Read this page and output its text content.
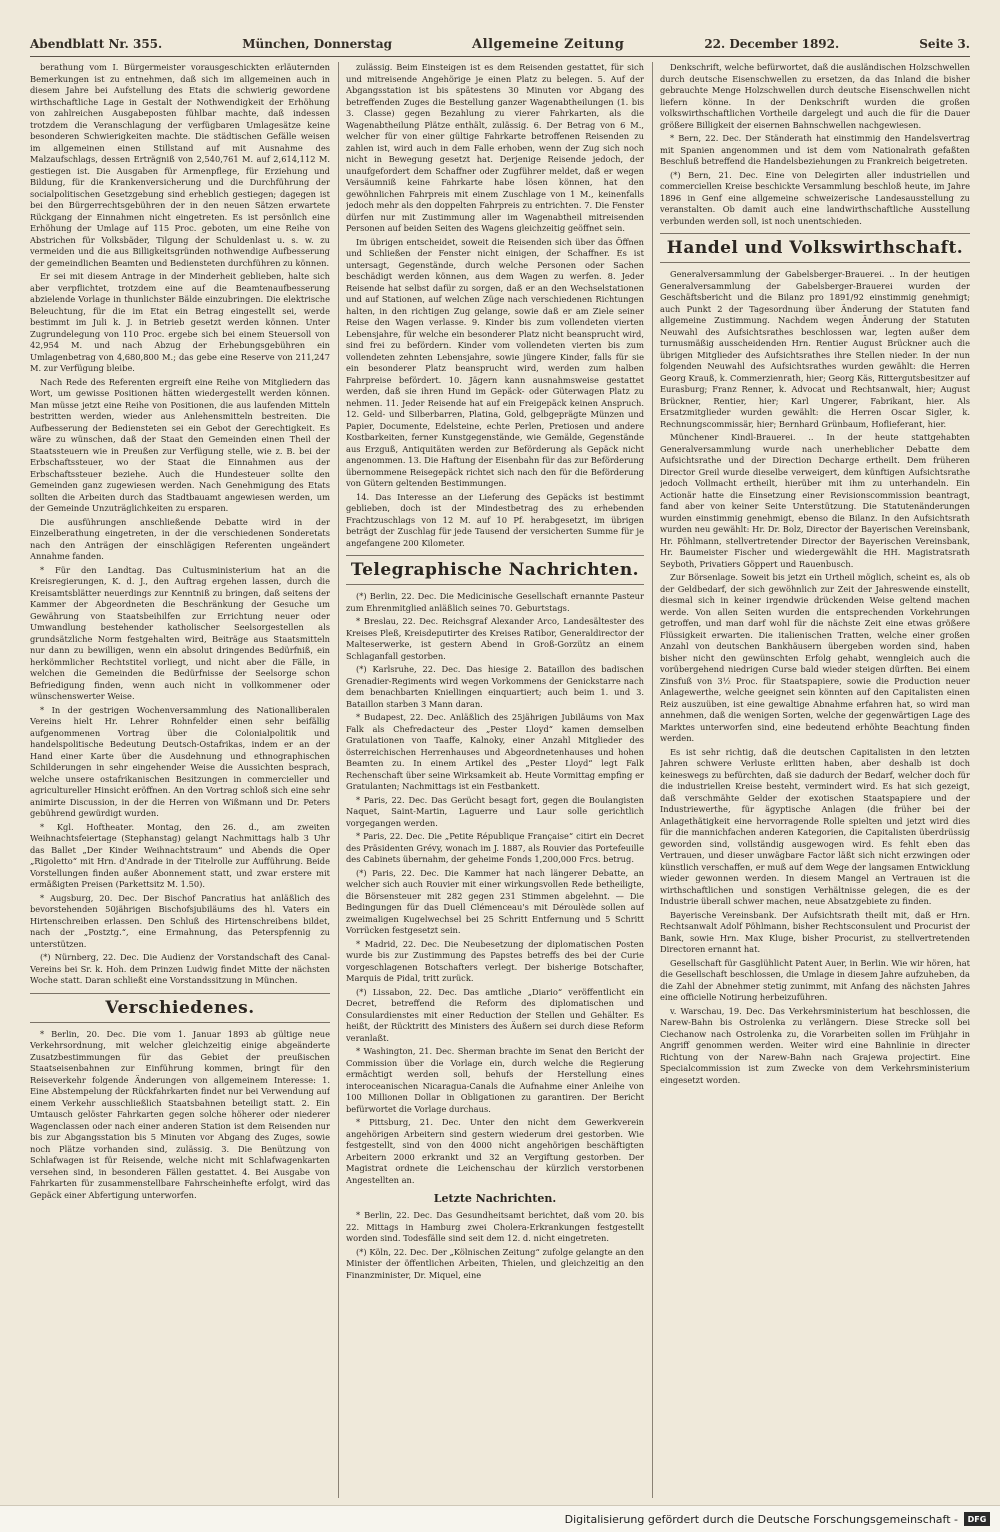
Abendblatt Nr. 355.	München, Donnerstag	Allgemeine Zeitung	22. December 1892.	Seite 3.

berathung vom I. Bürgermeister vorausgeschickten erläuternden Bemerkungen ist zu entnehmen, daß sich im allgemeinen auch in diesem Jahre bei Aufstellung des Etats die schwierig gewordene wirthschaftliche Lage in Gestalt der Nothwendigkeit der Erhöhung von zahlreichen Ausgabeposten fühlbar machte, daß indessen trotzdem die Veranschlagung der verfügbaren Umlagesätze keine besonderen Schwierigkeiten machte. Die städtischen Gefälle weisen im allgemeinen einen Stillstand auf mit Ausnahme des Malzaufschlags, dessen Erträgniß von 2,540,761 M. auf 2,614,112 M. gestiegen ist. Die Ausgaben für Armenpflege, für Erziehung und Bildung, für die Krankenversicherung und die Durchführung der socialpolitischen Gesetzgebung sind erheblich gestiegen; dagegen ist bei den Bürgerrechtsgebühren der in den neuen Sätzen erwartete Rückgang der Einnahmen nicht eingetreten. Es ist persönlich eine Erhöhung der Umlage auf 115 Proc. geboten, um eine Reihe von Abstrichen für Volksbäder, Tilgung der Schuldenlast u. s. w. zu vermeiden und die aus Billigkeitsgründen nothwendige Aufbesserung der gemeindlichen Beamten und Bediensteten durchführen zu können.

Er sei mit diesem Antrage in der Minderheit geblieben, halte sich aber verpflichtet, trotzdem eine auf die Beamtenaufbesserung abzielende Vorlage in thunlichster Bälde einzubringen. Die elektrische Beleuchtung, für die im Etat ein Betrag eingestellt sei, werde bestimmt im Juli k. J. in Betrieb gesetzt werden können. Unter Zugrundelegung von 110 Proc. ergebe sich bei einem Steuersoll von 42,954 M. und nach Abzug der Erhebungsgebühren ein Umlagenbetrag von 4,680,800 M.; das gebe eine Reserve von 211,247 M. zur Verfügung bleibe.

Nach Rede des Referenten ergreift eine Reihe von Mitgliedern das Wort, um gewisse Positionen hätten wiedergestellt werden können. Man müsse jetzt eine Reihe von Positionen, die aus laufenden Mitteln bestritten werden, wieder aus Anlehensmitteln bestreiten. Die Aufbesserung der Bediensteten sei ein Gebot der Gerechtigkeit. Es wäre zu wünschen, daß der Staat den Gemeinden einen Theil der Staatssteuern wie in Preußen zur Verfügung stelle, wie z. B. bei der Erbschaftssteuer, wo der Staat die Einnahmen aus der Erbschaftssteuer beziehe. Auch die Hundesteuer sollte den Gemeinden ganz zugewiesen werden. Nach Genehmigung des Etats sollten die Arbeiten durch das Stadtbauamt angewiesen werden, um der Gemeinde Unzuträglichkeiten zu ersparen.

Die ausführungen anschließende Debatte wird in der Einzelberathung eingetreten, in der die verschiedenen Sonderetats nach den Anträgen der einschlägigen Referenten ungeändert Annahme fanden.

* Für den Landtag. Das Cultusministerium hat an die Kreisregierungen, K. d. J., den Auftrag ergehen lassen, durch die Kreisamtsblätter neuerdings zur Kenntniß zu bringen, daß seitens der Kammer der Abgeordneten die Beschränkung der Gesuche um Gewährung von Staatsbeihilfen zur Errichtung neuer oder Umwandlung bestehender katholischer Seelsorgestellen als grundsätzliche Norm festgehalten wird, Beiträge aus Staatsmitteln nur dann zu bewilligen, wenn ein absolut dringendes Bedürfniß, ein herkömmlicher Rechtstitel vorliegt, und nicht aber die Fälle, in welchen die Gemeinden die Bedürfnisse der Seelsorge schon Befriedigung finden, wenn auch nicht in vollkommener oder wünschenswerter Weise.

* In der gestrigen Wochenversammlung des Nationalliberalen Vereins hielt Hr. Lehrer Rohnfelder einen sehr beifällig aufgenommenen Vortrag über die Colonialpolitik und handelspolitische Bedeutung Deutsch-Ostafrikas, indem er an der Hand einer Karte über die Ausdehnung und ethnographischen Schilderungen in sehr eingehender Weise die Aussichten besprach, welche unsere ostafrikanischen Besitzungen in commercieller und agricultureller Hinsicht eröffnen. An den Vortrag schloß sich eine sehr animirte Discussion, in der die Herren von Wißmann und Dr. Peters gebührend gewürdigt wurden.

* Kgl. Hoftheater. Montag, den 26. d., am zweiten Weihnachtsfeiertage (Stephanstag) gelangt Nachmittags halb 3 Uhr das Ballet „Der Kinder Weihnachtstraum“ und Abends die Oper „Rigoletto“ mit Hrn. d'Andrade in der Titelrolle zur Aufführung. Beide Vorstellungen finden außer Abonnement statt, und zwar erstere mit ermäßigten Preisen (Parkettsitz M. 1.50).

* Augsburg, 20. Dec. Der Bischof Pancratius hat anläßlich des bevorstehenden 50jährigen Bischofsjubiläums des hl. Vaters ein Hirtenschreiben erlassen. Den Schluß des Hirtenschreibens bildet, nach der „Postztg.“, eine Ermahnung, das Peterspfennig zu unterstützen.

(*) Nürnberg, 22. Dec. Die Audienz der Vorstandschaft des Canal-Vereins bei Sr. k. Hoh. dem Prinzen Ludwig findet Mitte der nächsten Woche statt. Daran schließt eine Vorstandssitzung in München.

Verschiedenes.

* Berlin, 20. Dec. Die vom 1. Januar 1893 ab gültige neue Verkehrsordnung, mit welcher gleichzeitig einige abgeänderte Zusatzbestimmungen für das Gebiet der preußischen Staatseisenbahnen zur Einführung kommen, bringt für den Reiseverkehr folgende Änderungen von allgemeinem Interesse: 1. Eine Abstempelung der Rückfahrkarten findet nur bei Verwendung auf einem Verkehr ausschließlich Staatsbahnen beteiligt statt. 2. Ein Umtausch gelöster Fahrkarten gegen solche höherer oder niederer Wagenclassen oder nach einer anderen Station ist dem Reisenden nur bis zur Abgangsstation bis 5 Minuten vor Abgang des Zuges, sowie noch Plätze vorhanden sind, zulässig. 3. Die Benützung von Schlafwagen ist für Reisende, welche nicht mit Schlafwagenkarten versehen sind, in besonderen Fällen gestattet. 4. Bei Ausgabe von Fahrkarten für zusammenstellbare Fahrscheinhefte erfolgt, wird das Gepäck einer Abfertigung unterworfen.

zulässig. Beim Einsteigen ist es dem Reisenden gestattet, für sich und mitreisende Angehörige je einen Platz zu belegen. 5. Auf der Abgangsstation ist bis spätestens 30 Minuten vor Abgang des betreffenden Zuges die Bestellung ganzer Wagenabtheilungen (1. bis 3. Classe) gegen Bezahlung zu vierer Fahrkarten, als die Wagenabtheilung Plätze enthält, zulässig. 6. Der Betrag von 6 M., welcher für von einer gültige Fahrkarte betroffenen Reisenden zu zahlen ist, wird auch in dem Falle erhoben, wenn der Zug sich noch nicht in Bewegung gesetzt hat. Derjenige Reisende jedoch, der unaufgefordert dem Schaffner oder Zugführer meldet, daß er wegen Versäumniß keine Fahrkarte habe lösen können, hat den gewöhnlichen Fahrpreis mit einem Zuschlage von 1 M., keinenfalls jedoch mehr als den doppelten Fahrpreis zu entrichten. 7. Die Fenster dürfen nur mit Zustimmung aller im Wagenabtheil mitreisenden Personen auf beiden Seiten des Wagens gleichzeitig geöffnet sein.

Im übrigen entscheidet, soweit die Reisenden sich über das Öffnen und Schließen der Fenster nicht einigen, der Schaffner. Es ist untersagt, Gegenstände, durch welche Personen oder Sachen beschädigt werden können, aus dem Wagen zu werfen. 8. Jeder Reisende hat selbst dafür zu sorgen, daß er an den Wechselstationen und auf Stationen, auf welchen Züge nach verschiedenen Richtungen halten, in den richtigen Zug gelange, sowie daß er am Ziele seiner Reise den Wagen verlasse. 9. Kinder bis zum vollendeten vierten Lebensjahre, für welche ein besonderer Platz nicht beansprucht wird, sind frei zu befördern. Kinder vom vollendeten vierten bis zum vollendeten zehnten Lebensjahre, sowie jüngere Kinder, falls für sie ein besonderer Platz beansprucht wird, werden zum halben Fahrpreise befördert. 10. Jägern kann ausnahmsweise gestattet werden, daß sie ihren Hund im Gepäck- oder Güterwagen Platz zu nehmen. 11. Jeder Reisende hat auf ein Freigepäck keinen Anspruch. 12. Geld- und Silberbarren, Platina, Gold, gelbgeprägte Münzen und Papier, Documente, Edelsteine, echte Perlen, Pretiosen und andere Kostbarkeiten, ferner Kunstgegenstände, wie Gemälde, Gegenstände aus Erzguß, Antiquitäten werden zur Beförderung als Gepäck nicht angenommen. 13. Die Haftung der Eisenbahn für das zur Beförderung übernommene Reisegepäck richtet sich nach den für die Beförderung von Gütern geltenden Bestimmungen.

14. Das Interesse an der Lieferung des Gepäcks ist bestimmt geblieben, doch ist der Mindestbetrag des zu erhebenden Frachtzuschlags von 12 M. auf 10 Pf. herabgesetzt, im übrigen beträgt der Zuschlag für jede Tausend der versicherten Summe für je angefangene 200 Kilometer.

Telegraphische Nachrichten.

(*) Berlin, 22. Dec. Die Medicinische Gesellschaft ernannte Pasteur zum Ehrenmitglied anläßlich seines 70. Geburtstags.

* Breslau, 22. Dec. Reichsgraf Alexander Arco, Landesältester des Kreises Pleß, Kreisdeputirter des Kreises Ratibor, Generaldirector der Malteserwerke, ist gestern Abend in Groß-Gorzütz an einem Schlaganfall gestorben.

(*) Karlsruhe, 22. Dec. Das hiesige 2. Bataillon des badischen Grenadier-Regiments wird wegen Vorkommens der Genickstarre nach dem benachbarten Kniellingen einquartiert; auch beim 1. und 3. Bataillon starben 3 Mann daran.

* Budapest, 22. Dec. Anläßlich des 25jährigen Jubiläums von Max Falk als Chefredacteur des „Pester Lloyd“ kamen demselben Gratulationen von Taaffe, Kalnoky, einer Anzahl Mitglieder des österreichischen Herrenhauses und Abgeordnetenhauses und hohen Beamten zu. In einem Artikel des „Pester Lloyd“ legt Falk Rechenschaft über seine Wirksamkeit ab. Heute Vormittag empfing er Gratulanten; Nachmittags ist ein Festbankett.

* Paris, 22. Dec. Das Gerücht besagt fort, gegen die Boulangisten Naquet, Saint-Martin, Laguerre und Laur solle gerichtlich vorgegangen werden.

* Paris, 22. Dec. Die „Petite République Française“ citirt ein Decret des Präsidenten Grévy, wonach im J. 1887, als Rouvier das Portefeuille des Cabinets übernahm, der geheime Fonds 1,200,000 Frcs. betrug.

(*) Paris, 22. Dec. Die Kammer hat nach längerer Debatte, an welcher sich auch Rouvier mit einer wirkungsvollen Rede betheiligte, die Börsensteuer mit 282 gegen 231 Stimmen abgelehnt. — Die Bedingungen für das Duell Clémenceau's mit Déroulède sollen auf zweimaligen Kugelwechsel bei 25 Schritt Entfernung und 5 Schritt Vorrücken festgesetzt sein.

* Madrid, 22. Dec. Die Neubesetzung der diplomatischen Posten wurde bis zur Zustimmung des Papstes betreffs des bei der Curie vorgeschlagenen Botschafters verlegt. Der bisherige Botschafter, Marquis de Pidal, tritt zurück.

(*) Lissabon, 22. Dec. Das amtliche „Diario“ veröffentlicht ein Decret, betreffend die Reform des diplomatischen und Consulardienstes mit einer Reduction der Stellen und Gehälter. Es heißt, der Rücktritt des Ministers des Äußern sei durch diese Reform veranlaßt.

* Washington, 21. Dec. Sherman brachte im Senat den Bericht der Commission über die Vorlage ein, durch welche die Regierung ermächtigt werden soll, behufs der Herstellung eines interoceanischen Nicaragua-Canals die Aufnahme einer Anleihe von 100 Millionen Dollar in Obligationen zu garantiren. Der Bericht befürwortet die Vorlage durchaus.

* Pittsburg, 21. Dec. Unter den nicht dem Gewerkverein angehörigen Arbeitern sind gestern wiederum drei gestorben. Wie festgestellt, sind von den 4000 nicht angehörigen beschäftigten Arbeitern 2000 erkrankt und 32 an Vergiftung gestorben. Der Magistrat ordnete die Leichenschau der kürzlich verstorbenen Angestellten an.

Letzte Nachrichten.

* Berlin, 22. Dec. Das Gesundheitsamt berichtet, daß vom 20. bis 22. Mittags in Hamburg zwei Cholera-Erkrankungen festgestellt worden sind. Todesfälle sind seit dem 12. d. nicht eingetreten.

(*) Köln, 22. Dec. Der „Kölnischen Zeitung“ zufolge gelangte an den Minister der öffentlichen Arbeiten, Thielen, und gleichzeitig an den Finanzminister, Dr. Miquel, eine

Denkschrift, welche befürwortet, daß die ausländischen Holzschwellen durch deutsche Eisenschwellen zu ersetzen, da das Inland die bisher gebrauchte Menge Holzschwellen durch deutsche Eisenschwellen nicht liefern könne. In der Denkschrift wurden die großen volkswirthschaftlichen Vortheile dargelegt und auch die für die Dauer größere Billigkeit der eisernen Bahnschwellen nachgewiesen.

* Bern, 22. Dec. Der Ständerath hat einstimmig den Handelsvertrag mit Spanien angenommen und ist dem vom Nationalrath gefaßten Beschluß betreffend die Handelsbeziehungen zu Frankreich beigetreten.

(*) Bern, 21. Dec. Eine von Delegirten aller industriellen und commerciellen Kreise beschickte Versammlung beschloß heute, im Jahre 1896 in Genf eine allgemeine schweizerische Landesausstellung zu veranstalten. Ob damit auch eine landwirthschaftliche Ausstellung verbunden werden soll, ist noch unentschieden.

Handel und Volkswirthschaft.

Generalversammlung der Gabelsberger-Brauerei. .. In der heutigen Generalversammlung der Gabelsberger-Brauerei wurden der Geschäftsbericht und die Bilanz pro 1891/92 einstimmig genehmigt; auch Punkt 2 der Tagesordnung über Änderung der Statuten fand allgemeine Zustimmung. Nachdem wegen Änderung der Statuten Neuwahl des Aufsichtsrathes beschlossen war, legten außer dem turnusmäßig ausscheidenden Hrn. Rentier August Brückner auch die übrigen Mitglieder des Aufsichtsrathes ihre Stellen nieder. In der nun folgenden Neuwahl des Aufsichtsrathes wurden gewählt: die Herren Georg Krauß, k. Commerzienrath, hier; Georg Käs, Rittergutsbesitzer auf Eurasburg; Franz Renner, k. Advocat und Rechtsanwalt, hier; August Brückner, Rentier, hier; Karl Ungerer, Fabrikant, hier. Als Ersatzmitglieder wurden gewählt: die Herren Oscar Sigler, k. Rechnungscommissär, hier; Bernhard Grünbaum, Hoflieferant, hier.

Münchener Kindl-Brauerei. .. In der heute stattgehabten Generalversammlung wurde nach unerheblicher Debatte dem Aufsichtsrathe und der Direction Decharge ertheilt. Dem früheren Director Greil wurde dieselbe verweigert, dem künftigen Aufsichtsrathe jedoch Vollmacht ertheilt, hierüber mit ihm zu unterhandeln. Ein Actionär hatte die Einsetzung einer Revisionscommission beantragt, fand aber von keiner Seite Unterstützung. Die Statutenänderungen wurden einstimmig genehmigt, ebenso die Bilanz. In den Aufsichtsrath wurden neu gewählt: Hr. Dr. Bolz, Director der Bayerischen Vereinsbank, Hr. Pöhlmann, stellvertretender Director der Bayerischen Vereinsbank, Hr. Baumeister Fischer und wiedergewählt die HH. Magistratsrath Seyboth, Privatiers Göppert und Rauenbusch.

Zur Börsenlage. Soweit bis jetzt ein Urtheil möglich, scheint es, als ob der Geldbedarf, der sich gewöhnlich zur Zeit der Jahreswende einstellt, diesmal sich in keiner irgendwie drückenden Weise geltend machen werde. Von allen Seiten wurden die entsprechenden Vorkehrungen getroffen, und man darf wohl für die nächste Zeit eine etwas größere Flüssigkeit erwarten. Die italienischen Tratten, welche einer großen Anzahl von deutschen Bankhäusern übergeben worden sind, haben bisher nicht den gewünschten Erfolg gehabt, wenngleich auch die vorübergehend niedrigen Curse bald wieder steigen dürften. Bei einem Zinsfuß von 3½ Proc. für Staatspapiere, sowie die Production neuer Anlagewerthe, welche geeignet sein könnten auf den Capitalisten einen Reiz auszuüben, ist eine gewaltige Abnahme erfahren hat, so wird man annehmen, daß die wenigen Sorten, welche der gegenwärtigen Lage des Marktes unterworfen sind, eine bedeutend erhöhte Beachtung finden werden.

Es ist sehr richtig, daß die deutschen Capitalisten in den letzten Jahren schwere Verluste erlitten haben, aber deshalb ist doch keineswegs zu befürchten, daß sie dadurch der Bedarf, welcher doch für die industriellen Kreise besteht, vermindert wird. Es hat sich gezeigt, daß verschmähte Gelder der exotischen Staatspapiere und der Industriewerthe, für ägyptische Anlagen (die früher bei der Anlagethätigkeit eine hervorragende Rolle spielten und jetzt wird dies für die mannichfachen anderen Kategorien, die Capitalisten überdrüssig geworden sind, vollständig ausgewogen wird. Es fehlt eben das Vertrauen, und dieser unwägbare Factor läßt sich nicht erzwingen oder künstlich verschaffen, er muß auf dem Wege der langsamen Entwicklung wieder gewonnen werden. In diesem Mangel an Vertrauen ist die wirthschaftlichen und sonstigen Verhältnisse gelegen, die es der Industrie überall schwer machen, neue Absatzgebiete zu finden.

Bayerische Vereinsbank. Der Aufsichtsrath theilt mit, daß er Hrn. Rechtsanwalt Adolf Pöhlmann, bisher Rechtsconsulent und Procurist der Bank, sowie Hrn. Max Kluge, bisher Procurist, zu stellvertretenden Directoren ernannt hat.

Gesellschaft für Gasglühlicht Patent Auer, in Berlin. Wie wir hören, hat die Gesellschaft beschlossen, die Umlage in diesem Jahre aufzuheben, da die Zahl der Abnehmer stetig zunimmt, mit Anfang des nächsten Jahres eine officielle Notirung herbeizuführen.

v. Warschau, 19. Dec. Das Verkehrsministerium hat beschlossen, die Narew-Bahn bis Ostrolenka zu verlängern. Diese Strecke soll bei Ciechanow nach Ostrolenka zu, die Vorarbeiten sollen im Frühjahr in Angriff genommen werden. Weiter wird eine Bahnlinie in directer Richtung von der Narew-Bahn nach Grajewa projectirt. Eine Specialcommission ist zum Zwecke von dem Verkehrsministerium eingesetzt worden.

Digitalisierung gefördert durch die Deutsche Forschungsgemeinschaft -	DFG
